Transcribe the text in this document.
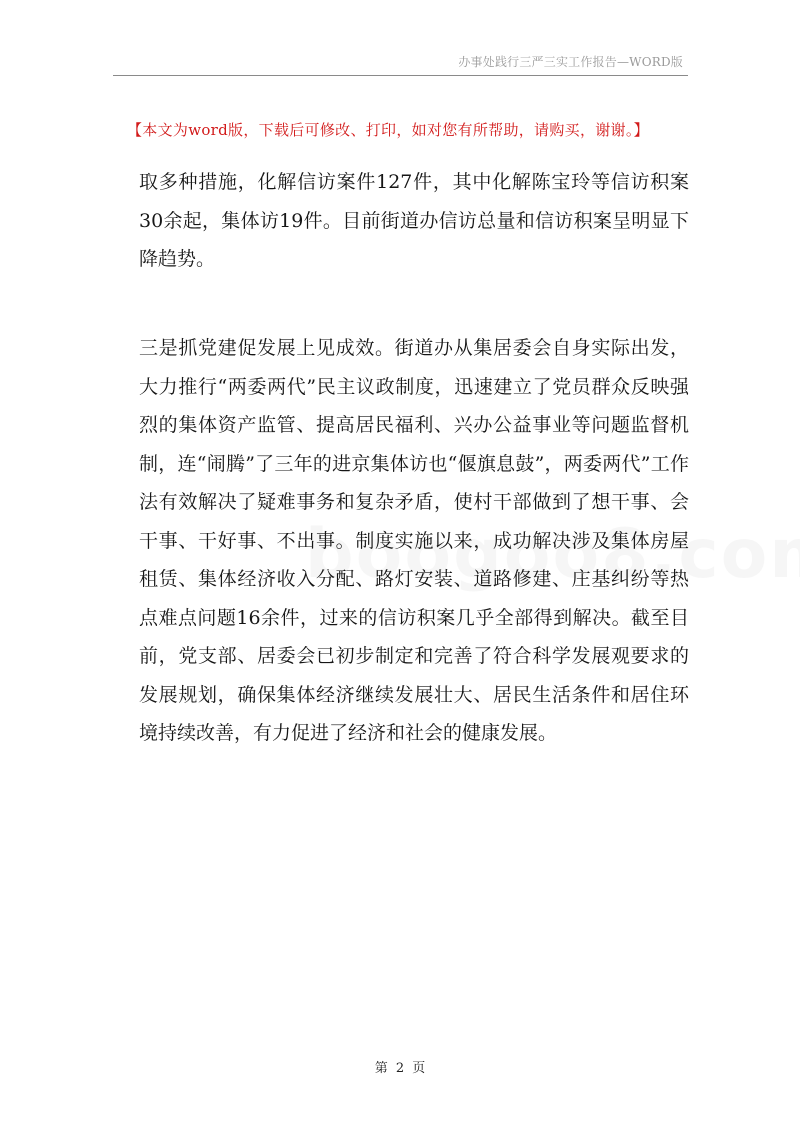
办事处践行三严三实工作报告—WORD版
【本文为word版，下载后可修改、打印，如对您有所帮助，请购买，谢谢。】

取多种措施，化解信访案件127件，其中化解陈宝玲等信访积案30余起，集体访19件。目前街道办信访总量和信访积案呈明显下降趋势。

三是抓党建促发展上见成效。街道办从集居委会自身实际出发，大力推行“两委两代”民主议政制度，迅速建立了党员群众反映强烈的集体资产监管、提高居民福利、兴办公益事业等问题监督机制，连“闹腾”了三年的进京集体访也“偃旗息鼓”，两委两代”工作法有效解决了疑难事务和复杂矛盾，使村干部做到了想干事、会干事、干好事、不出事。制度实施以来，成功解决涉及集体房屋租赁、集体经济收入分配、路灯安装、道路修建、庄基纠纷等热点难点问题16余件，过来的信访积案几乎全部得到解决。截至目前，党支部、居委会已初步制定和完善了符合科学发展观要求的发展规划，确保集体经济继续发展壮大、居民生活条件和居住环境持续改善，有力促进了经济和社会的健康发展。

第 2 页
